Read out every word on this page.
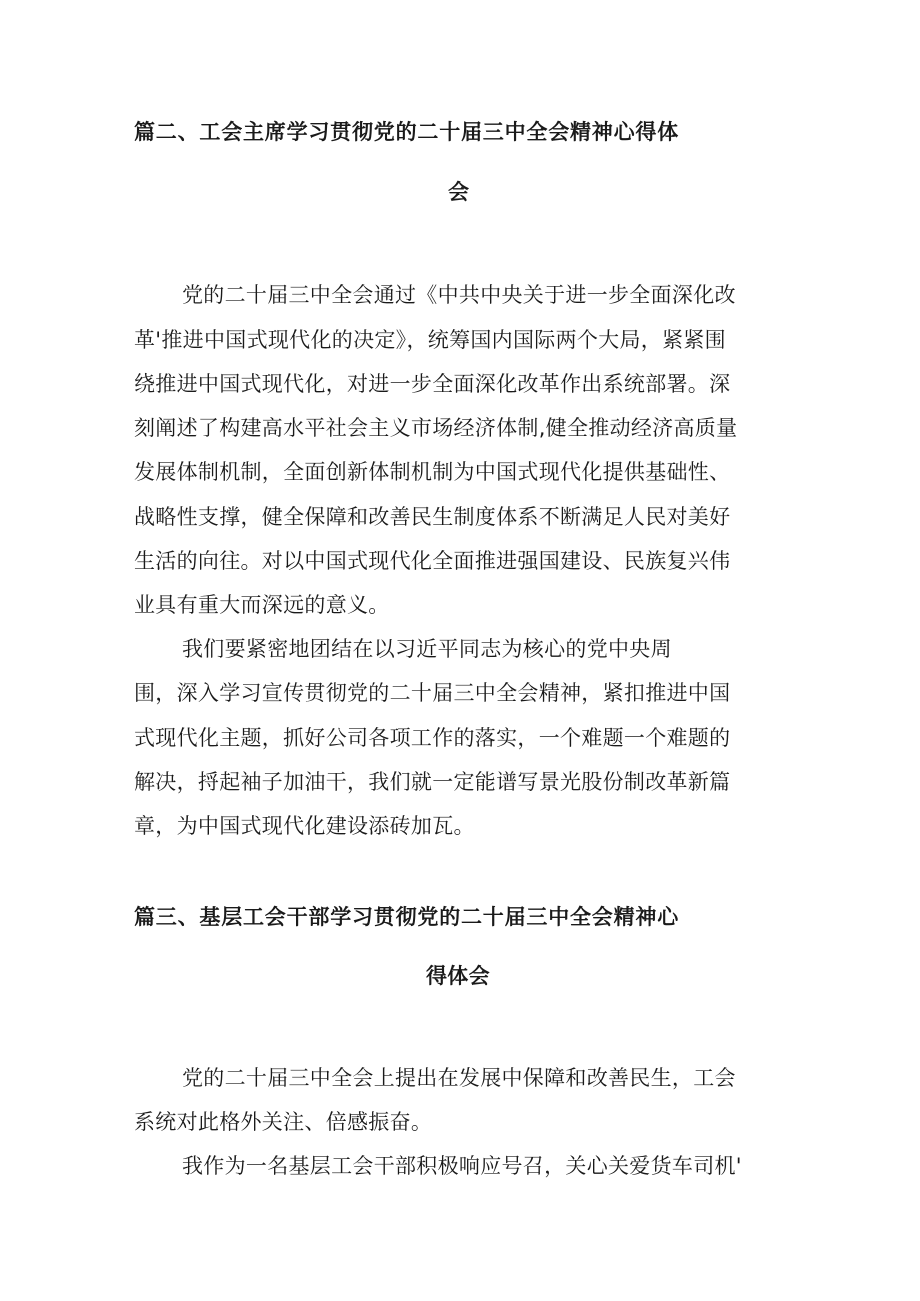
篇二、工会主席学习贯彻党的二十届三中全会精神心得体
会
党的二十届三中全会通过《中共中央关于进一步全面深化改
革'推进中国式现代化的决定》，统筹国内国际两个大局，紧紧围
绕推进中国式现代化，对进一步全面深化改革作出系统部署。深
刻阐述了构建高水平社会主义市场经济体制,健全推动经济高质量
发展体制机制，全面创新体制机制为中国式现代化提供基础性、
战略性支撑，健全保障和改善民生制度体系不断满足人民对美好
生活的向往。对以中国式现代化全面推进强国建设、民族复兴伟
业具有重大而深远的意义。
我们要紧密地团结在以习近平同志为核心的党中央周
围，深入学习宣传贯彻党的二十届三中全会精神，紧扣推进中国
式现代化主题，抓好公司各项工作的落实，一个难题一个难题的
解决，捋起袖子加油干，我们就一定能谱写景光股份制改革新篇
章，为中国式现代化建设添砖加瓦。
篇三、基层工会干部学习贯彻党的二十届三中全会精神心
得体会
党的二十届三中全会上提出在发展中保障和改善民生，工会
系统对此格外关注、倍感振奋。
我作为一名基层工会干部积极响应号召，关心关爱货车司机'
